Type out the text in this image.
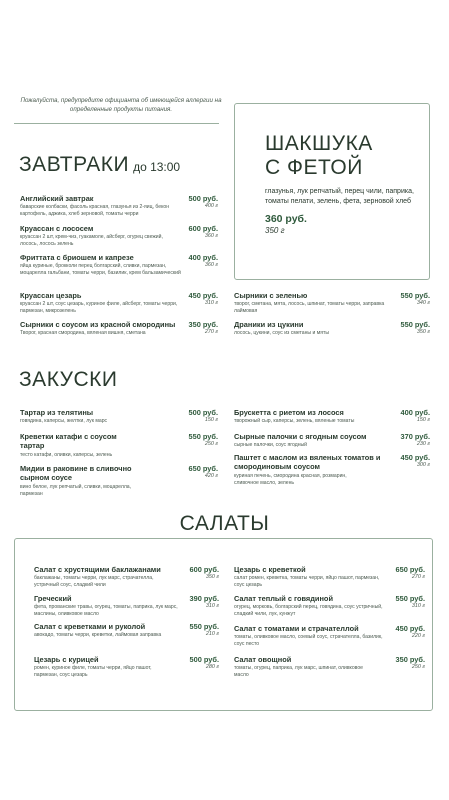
Пожалуйста, предупредите официанта об имеющейся аллергии на определенные продукты питания.
ШАКШУКА
С ФЕТОЙ
глазунья, лук репчатый, перец чили, паприка, томаты пелати, зелень, фета, зерновой хлеб
360 руб.
350 г
ЗАВТРАКИ до 13:00
Английский завтрак
баварские колбаски, фасоль красная, глазунья из 2-яиц, бекон картофель, аджика, хлеб зерновой, томаты черри
500 руб.
400 г
Круассан с лососем
круассан 2 шт, крем-чиз, гуакамоле, айсберг, огурец свежий, лосось, лосось зелень
600 руб.
360 г
Фриттата с бриошем и капрезе
яйца куриные, брокколи перец болгарский, сливки, пармезан, моцарелла гальбани, томаты черри, базилик, крем бальзамический
400 руб.
360 г
Круассан цезарь
круассан 2 шт, соус цезарь, куриное филе, айсберг, томаты черри, пармезан, микрозелень
450 руб.
310 г
Сырники с соусом из красной смородины
Творог, красная смородина, вяленая вишня, сметана
350 руб.
270 г
Сырники с зеленью
творог, сметана, мята, лосось, шпинат, томаты черри, заправка лаймовая
550 руб.
340 г
Драники из цукини
лосось, цукини, соус из сметаны и мяты
550 руб.
350 г
ЗАКУСКИ
Тартар из телятины
говядина, каперсы, желтки, лук марс
500 руб.
150 г
Креветки катафи с соусом тартар
тесто катафи, оливки, каперсы, зелень
550 руб.
250 г
Мидии в раковине в сливочно сырном соусе
вино белое, лук репчатый, сливки, моцарелла, пармезан
650 руб.
420 г
Брускетта с риетом из лосося
творожный сыр, каперсы, зелень, вяленые томаты
400 руб.
150 г
Сырные палочки с ягодным соусом
сырные палочки, соус ягодный
370 руб.
230 г
Паштет с маслом из вяленых томатов и смородиновым соусом
куриная печень, смородина красная, розмарин, сливочное масло, зелень
450 руб.
300 г
САЛАТЫ
Салат с хрустящими баклажанами
баклажаны, томаты черри, лук марс, страчателла, устричный соус, сладкий чили
600 руб.
350 г
Греческий
фета, прованские травы, огурец, томаты, паприка, лук марс, маслины, оливковое масло
390 руб.
310 г
Салат с креветками и руколой
авокадо, томаты черри, креветки, лаймовая заправка
550 руб.
210 г
Цезарь с курицей
ромен, куриное филе, томаты черри, яйцо пашот, пармезан, соус цезарь
500 руб.
280 г
Цезарь с креветкой
салат ромен, креветка, томаты черри, яйцо пашот, пармезан, соус цезарь
650 руб.
270 г
Салат теплый с говядиной
огурец, морковь, болгарский перец, говядина, соус устричный, сладкий чили, лук, кунжут
550 руб.
310 г
Салат с томатами и страчателлой
томаты, оливковое масло, соевый соус, страчателла, базилик, соус песто
450 руб.
220 г
Салат овощной
томаты, огурец, паприка, лук марс, шпинат, оливковое масло
350 руб.
250 г
